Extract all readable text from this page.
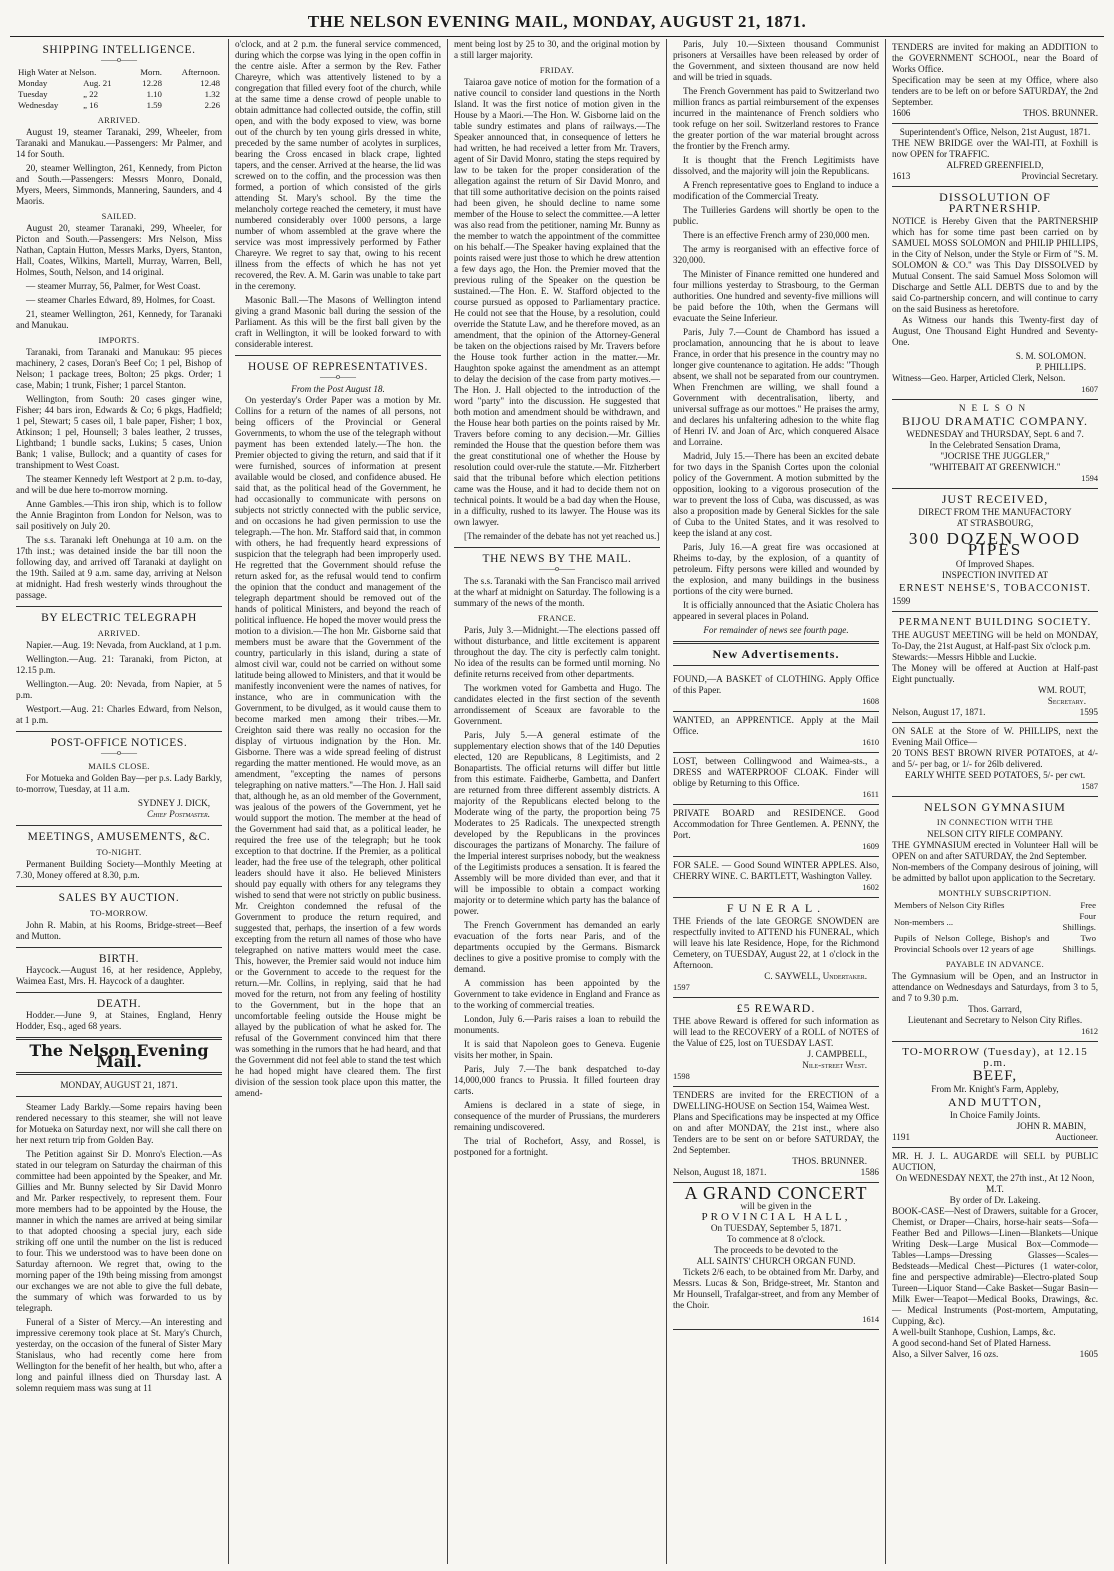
THE NELSON EVENING MAIL, MONDAY, AUGUST 21, 1871.
SHIPPING INTELLIGENCE.
——o——
High Water at Nelson.		Morn.	Afternoon.
Monday	Aug. 21	12.28	12.48
Tuesday	„ 22	1.10	1.32
Wednesday	„ 16	1.59	2.26
ARRIVED.

August 19, steamer Taranaki, 299, Wheeler, from Taranaki and Manukau.—Passengers: Mr Palmer, and 14 for South.

20, steamer Wellington, 261, Kennedy, from Picton and South.—Passengers: Messrs Monro, Donald, Myers, Meers, Simmonds, Mannering, Saunders, and 4 Maoris.

SAILED.

August 20, steamer Taranaki, 299, Wheeler, for Picton and South.—Passengers: Mrs Nelson, Miss Nathan, Captain Hutton, Messrs Marks, Dyers, Stanton, Hall, Coates, Wilkins, Martell, Murray, Warren, Bell, Holmes, South, Nelson, and 14 original.

— steamer Murray, 56, Palmer, for West Coast.

— steamer Charles Edward, 89, Holmes, for Coast.

21, steamer Wellington, 261, Kennedy, for Taranaki and Manukau.

IMPORTS.

Taranaki, from Taranaki and Manukau: 95 pieces machinery, 2 cases, Doran's Beef Co; 1 pel, Bishop of Nelson; 1 package trees, Bolton; 25 pkgs. Order; 1 case, Mabin; 1 trunk, Fisher; 1 parcel Stanton.

Wellington, from South: 20 cases ginger wine, Fisher; 44 bars iron, Edwards & Co; 6 pkgs, Hadfield; 1 pel, Stewart; 5 cases oil, 1 bale paper, Fisher; 1 box, Atkinson; 1 pel, Hounsell; 3 bales leather, 2 trusses, Lightband; 1 bundle sacks, Lukins; 5 cases, Union Bank; 1 valise, Bullock; and a quantity of cases for transhipment to West Coast.

The steamer Kennedy left Westport at 2 p.m. to-day, and will be due here to-morrow morning.

Anne Gambles.—This iron ship, which is to follow the Annie Braginton from London for Nelson, was to sail positively on July 20.

The s.s. Taranaki left Onehunga at 10 a.m. on the 17th inst.; was detained inside the bar till noon the following day, and arrived off Taranaki at daylight on the 19th. Sailed at 9 a.m. same day, arriving at Nelson at midnight. Had fresh westerly winds throughout the passage.

BY ELECTRIC TELEGRAPH
ARRIVED.

Napier.—Aug. 19: Nevada, from Auckland, at 1 p.m.

Wellington.—Aug. 21: Taranaki, from Picton, at 12.15 p.m.

Wellington.—Aug. 20: Nevada, from Napier, at 5 p.m.

Westport.—Aug. 21: Charles Edward, from Nelson, at 1 p.m.

POST-OFFICE NOTICES.
——o——
MAILS CLOSE.

For Motueka and Golden Bay—per p.s. Lady Barkly, to-morrow, Tuesday, at 11 a.m.

SYDNEY J. DICK,
Chief Postmaster.
MEETINGS, AMUSEMENTS, &C.
TO-NIGHT.

Permanent Building Society—Monthly Meeting at 7.30, Money offered at 8.30, p.m.

SALES BY AUCTION.
TO-MORROW.

John R. Mabin, at his Rooms, Bridge-street—Beef and Mutton.

BIRTH.

Haycock.—August 16, at her residence, Appleby, Waimea East, Mrs. H. Haycock of a daughter.

DEATH.

Hodder.—June 9, at Staines, England, Henry Hodder, Esq., aged 68 years.

The Nelson Evening Mail.
MONDAY, AUGUST 21, 1871.

Steamer Lady Barkly.—Some repairs having been rendered necessary to this steamer, she will not leave for Motueka on Saturday next, nor will she call there on her next return trip from Golden Bay.

The Petition against Sir D. Monro's Election.—As stated in our telegram on Saturday the chairman of this committee had been appointed by the Speaker, and Mr. Gillies and Mr. Bunny selected by Sir David Monro and Mr. Parker respectively, to represent them. Four more members had to be appointed by the House, the manner in which the names are arrived at being similar to that adopted choosing a special jury, each side striking off one until the number on the list is reduced to four. This we understood was to have been done on Saturday afternoon. We regret that, owing to the morning paper of the 19th being missing from amongst our exchanges we are not able to give the full debate, the summary of which was forwarded to us by telegraph.

Funeral of a Sister of Mercy.—An interesting and impressive ceremony took place at St. Mary's Church, yesterday, on the occasion of the funeral of Sister Mary Stanislaus, who had recently come here from Wellington for the benefit of her health, but who, after a long and painful illness died on Thursday last. A solemn requiem mass was sung at 11

o'clock, and at 2 p.m. the funeral service commenced, during which the corpse was lying in the open coffin in the centre aisle. After a sermon by the Rev. Father Chareyre, which was attentively listened to by a congregation that filled every foot of the church, while at the same time a dense crowd of people unable to obtain admittance had collected outside, the coffin, still open, and with the body exposed to view, was borne out of the church by ten young girls dressed in white, preceded by the same number of acolytes in surplices, bearing the Cross encased in black crape, lighted tapers, and the censer. Arrived at the hearse, the lid was screwed on to the coffin, and the procession was then formed, a portion of which consisted of the girls attending St. Mary's school. By the time the melancholy cortege reached the cemetery, it must have numbered considerably over 1000 persons, a large number of whom assembled at the grave where the service was most impressively performed by Father Chareyre. We regret to say that, owing to his recent illness from the effects of which he has not yet recovered, the Rev. A. M. Garin was unable to take part in the ceremony.

Masonic Ball.—The Masons of Wellington intend giving a grand Masonic ball during the session of the Parliament. As this will be the first ball given by the craft in Wellington, it will be looked forward to with considerable interest.

HOUSE OF REPRESENTATIVES.
——o——
From the Post August 18.

On yesterday's Order Paper was a motion by Mr. Collins for a return of the names of all persons, not being officers of the Provincial or General Governments, to whom the use of the telegraph without payment has been extended lately.—The hon. the Premier objected to giving the return, and said that if it were furnished, sources of information at present available would be closed, and confidence abused. He said that, as the political head of the Government, he had occasionally to communicate with persons on subjects not strictly connected with the public service, and on occasions he had given permission to use the telegraph.—The hon. Mr. Stafford said that, in common with others, he had frequently heard expressions of suspicion that the telegraph had been improperly used. He regretted that the Government should refuse the return asked for, as the refusal would tend to confirm the opinion that the conduct and management of the telegraph department should be removed out of the hands of political Ministers, and beyond the reach of political influence. He hoped the mover would press the motion to a division.—The hon Mr. Gisborne said that members must be aware that the Government of the country, particularly in this island, during a state of almost civil war, could not be carried on without some latitude being allowed to Ministers, and that it would be manifestly inconvenient were the names of natives, for instance, who are in communication with the Government, to be divulged, as it would cause them to become marked men among their tribes.—Mr. Creighton said there was really no occasion for the display of virtuous indignation by the Hon. Mr. Gisborne. There was a wide spread feeling of distrust regarding the matter mentioned. He would move, as an amendment, "excepting the names of persons telegraphing on native matters."—The Hon. J. Hall said that, although he, as an old member of the Government, was jealous of the powers of the Government, yet he would support the motion. The member at the head of the Government had said that, as a political leader, he required the free use of the telegraph; but he took exception to that doctrine. If the Premier, as a political leader, had the free use of the telegraph, other political leaders should have it also. He believed Ministers should pay equally with others for any telegrams they wished to send that were not strictly on public business. Mr. Creighton condemned the refusal of the Government to produce the return required, and suggested that, perhaps, the insertion of a few words excepting from the return all names of those who have telegraphed on native matters would meet the case. This, however, the Premier said would not induce him or the Government to accede to the request for the return.—Mr. Collins, in replying, said that he had moved for the return, not from any feeling of hostility to the Government, but in the hope that an uncomfortable feeling outside the House might be allayed by the publication of what he asked for. The refusal of the Government convinced him that there was something in the rumors that he had heard, and that the Government did not feel able to stand the test which he had hoped might have cleared them. The first division of the session took place upon this matter, the amend-

ment being lost by 25 to 30, and the original motion by a still larger majority.

FRIDAY.

Taiaroa gave notice of motion for the formation of a native council to consider land questions in the North Island. It was the first notice of motion given in the House by a Maori.—The Hon. W. Gisborne laid on the table sundry estimates and plans of railways.—The Speaker announced that, in consequence of letters he had written, he had received a letter from Mr. Travers, agent of Sir David Monro, stating the steps required by law to be taken for the proper consideration of the allegation against the return of Sir David Monro, and that till some authoritative decision on the points raised had been given, he should decline to name some member of the House to select the committee.—A letter was also read from the petitioner, naming Mr. Bunny as the member to watch the appointment of the committee on his behalf.—The Speaker having explained that the points raised were just those to which he drew attention a few days ago, the Hon. the Premier moved that the previous ruling of the Speaker on the question be sustained.—The Hon. E. W. Stafford objected to the course pursued as opposed to Parliamentary practice. He could not see that the House, by a resolution, could override the Statute Law, and he therefore moved, as an amendment, that the opinion of the Attorney-General be taken on the objections raised by Mr. Travers before the House took further action in the matter.—Mr. Haughton spoke against the amendment as an attempt to delay the decision of the case from party motives.—The Hon. J. Hall objected to the introduction of the word "party" into the discussion. He suggested that both motion and amendment should be withdrawn, and the House hear both parties on the points raised by Mr. Travers before coming to any decision.—Mr. Gillies reminded the House that the question before them was the great constitutional one of whether the House by resolution could over-rule the statute.—Mr. Fitzherbert said that the tribunal before which election petitions came was the House, and it had to decide them not on technical points. It would be a bad day when the House, in a difficulty, rushed to its lawyer. The House was its own lawyer.

[The remainder of the debate has not yet reached us.]

THE NEWS BY THE MAIL.
——o——

The s.s. Taranaki with the San Francisco mail arrived at the wharf at midnight on Saturday. The following is a summary of the news of the month.

FRANCE.

Paris, July 3.—Midnight.—The elections passed off without disturbance, and little excitement is apparent throughout the day. The city is perfectly calm tonight. No idea of the results can be formed until morning. No definite returns received from other departments.

The workmen voted for Gambetta and Hugo. The candidates elected in the first section of the seventh arrondissement of Sceaux are favorable to the Government.

Paris, July 5.—A general estimate of the supplementary election shows that of the 140 Deputies elected, 120 are Republicans, 8 Legitimists, and 2 Bonapartists. The official returns will differ but little from this estimate. Faidherbe, Gambetta, and Danfert are returned from three different assembly districts. A majority of the Republicans elected belong to the Moderate wing of the party, the proportion being 75 Moderates to 25 Radicals. The unexpected strength developed by the Republicans in the provinces discourages the partizans of Monarchy. The failure of the Imperial interest surprises nobody, but the weakness of the Legitimists produces a sensation. It is feared the Assembly will be more divided than ever, and that it will be impossible to obtain a compact working majority or to determine which party has the balance of power.

The French Government has demanded an early evacuation of the forts near Paris, and of the departments occupied by the Germans. Bismarck declines to give a positive promise to comply with the demand.

A commission has been appointed by the Government to take evidence in England and France as to the working of commercial treaties.

London, July 6.—Paris raises a loan to rebuild the monuments.

It is said that Napoleon goes to Geneva. Eugenie visits her mother, in Spain.

Paris, July 7.—The bank despatched to-day 14,000,000 francs to Prussia. It filled fourteen dray carts.

Amiens is declared in a state of siege, in consequence of the murder of Prussians, the murderers remaining undiscovered.

The trial of Rochefort, Assy, and Rossel, is postponed for a fortnight.

Paris, July 10.—Sixteen thousand Communist prisoners at Versailles have been released by order of the Government, and sixteen thousand are now held and will be tried in squads.

The French Government has paid to Switzerland two million francs as partial reimbursement of the expenses incurred in the maintenance of French soldiers who took refuge on her soil. Switzerland restores to France the greater portion of the war material brought across the frontier by the French army.

It is thought that the French Legitimists have dissolved, and the majority will join the Republicans.

A French representative goes to England to induce a modification of the Commercial Treaty.

The Tuilleries Gardens will shortly be open to the public.

There is an effective French army of 230,000 men.

The army is reorganised with an effective force of 320,000.

The Minister of Finance remitted one hundered and four millions yesterday to Strasbourg, to the German authorities. One hundred and seventy-five millions will be paid before the 10th, when the Germans will evacuate the Seine Inferieur.

Paris, July 7.—Count de Chambord has issued a proclamation, announcing that he is about to leave France, in order that his presence in the country may no longer give countenance to agitation. He adds: "Though absent, we shall not be separated from our countrymen. When Frenchmen are willing, we shall found a Government with decentralisation, liberty, and universal suffrage as our mottoes." He praises the army, and declares his unfaltering adhesion to the white flag of Henri IV. and Joan of Arc, which conquered Alsace and Lorraine.

Madrid, July 15.—There has been an excited debate for two days in the Spanish Cortes upon the colonial policy of the Government. A motion submitted by the opposition, looking to a vigorous prosecution of the war to prevent the loss of Cuba, was discussed, as was also a proposition made by General Sickles for the sale of Cuba to the United States, and it was resolved to keep the island at any cost.

Paris, July 16.—A great fire was occasioned at Rheims to-day, by the explosion, of a quantity of petroleum. Fifty persons were killed and wounded by the explosion, and many buildings in the business portions of the city were burned.

It is officially announced that the Asiatic Cholera has appeared in several places in Poland.

For remainder of news see fourth page.
New Advertisements.
FOUND,—A BASKET of CLOTHING. Apply Office of this Paper.
1608
WANTED, an APPRENTICE. Apply at the Mail Office.
1610
LOST, between Collingwood and Waimea-sts., a DRESS and WATERPROOF CLOAK. Finder will oblige by Returning to this Office.
1611
PRIVATE BOARD and RESIDENCE. Good Accommodation for Three Gentlemen. A. PENNY, the Port.
1609
FOR SALE. — Good Sound WINTER APPLES. Also, CHERRY WINE. C. BARTLETT, Washington Valley.
1602
FUNERAL.
THE Friends of the late GEORGE SNOWDEN are respectfully invited to ATTEND his FUNERAL, which will leave his late Residence, Hope, for the Richmond Cemetery, on TUESDAY, August 22, at 1 o'clock in the Afternoon.
C. SAYWELL, Undertaker.
1597
£5 REWARD.
THE above Reward is offered for such information as will lead to the RECOVERY of a ROLL of NOTES of the Value of £25, lost on TUESDAY LAST.
J. CAMPBELL,
Nile-street West.
1598
TENDERS are invited for the ERECTION of a DWELLING-HOUSE on Section 154, Waimea West.
Plans and Specifications may be inspected at my Office on and after MONDAY, the 21st inst., where also Tenders are to be sent on or before SATURDAY, the 2nd September.
THOS. BRUNNER.
Nelson, August 18, 1871.	1586
A GRAND CONCERT
will be given in the
PROVINCIAL HALL,
On TUESDAY, September 5, 1871.
To commence at 8 o'clock.
The proceeds to be devoted to the
ALL SAINTS' CHURCH ORGAN FUND.

Tickets 2/6 each, to be obtained from Mr. Darby, and Messrs. Lucas & Son, Bridge-street, Mr. Stanton and Mr Hounsell, Trafalgar-street, and from any Member of the Choir.

1614
TENDERS are invited for making an ADDITION to the GOVERNMENT SCHOOL, near the Board of Works Office.
Specification may be seen at my Office, where also tenders are to be left on or before SATURDAY, the 2nd September.
1606	THOS. BRUNNER.
Superintendent's Office, Nelson, 21st August, 1871.
THE NEW BRIDGE over the WAI-ITI, at Foxhill is now OPEN for TRAFFIC.
ALFRED GREENFIELD,
1613	Provincial Secretary.
DISSOLUTION OF PARTNERSHIP.
NOTICE is Hereby Given that the PARTNERSHIP which has for some time past been carried on by SAMUEL MOSS SOLOMON and PHILIP PHILLIPS, in the City of Nelson, under the Style or Firm of "S. M. SOLOMON & CO." was This Day DISSOLVED by Mutual Consent. The said Samuel Moss Solomon will Discharge and Settle ALL DEBTS due to and by the said Co-partnership concern, and will continue to carry on the said Business as heretofore.

As Witness our hands this Twenty-first day of August, One Thousand Eight Hundred and Seventy-One.

S. M. SOLOMON.
P. PHILLIPS.
Witness—Geo. Harper, Articled Clerk, Nelson.
1607
NELSON
BIJOU DRAMATIC COMPANY.
WEDNESDAY and THURSDAY, Sept. 6 and 7.
In the Celebrated Sensation Drama,
"JOCRISE THE JUGGLER,"
"WHITEBAIT AT GREENWICH."
1594
JUST RECEIVED,
DIRECT FROM THE MANUFACTORY
AT STRASBOURG,
300 DOZEN WOOD PIPES
Of Improved Shapes.
INSPECTION INVITED AT
ERNEST NEHSE'S, TOBACCONIST.
1599
PERMANENT BUILDING SOCIETY.
THE AUGUST MEETING will be held on MONDAY, To-Day, the 21st August, at Half-past Six o'clock p.m.
Stewards:—Messrs Hibble and Luckie.
The Money will be offered at Auction at Half-past Eight punctually.
WM. ROUT,
Secretary.
Nelson, August 17, 1871.	1595
ON SALE at the Store of W. PHILLIPS, next the Evening Mail Office—
20 TONS BEST BROWN RIVER POTATOES, at 4/- and 5/- per bag, or 1/- for 26lb delivered.
EARLY WHITE SEED POTATOES, 5/- per cwt.
1587
NELSON GYMNASIUM
IN CONNECTION WITH THE
NELSON CITY RIFLE COMPANY.
THE GYMNASIUM erected in Volunteer Hall will be OPEN on and after SATURDAY, the 2nd September.
Non-members of the Company desirous of joining, will be admitted by ballot upon application to the Secretary.
MONTHLY SUBSCRIPTION.
Members of Nelson City Rifles	Free
Non-members ...	Four Shillings.
Pupils of Nelson College, Bishop's and Provincial Schools over 12 years of age	Two Shillings.
PAYABLE IN ADVANCE.
The Gymnasium will be Open, and an Instructor in attendance on Wednesdays and Saturdays, from 3 to 5, and 7 to 9.30 p.m.
Thos. Garrard,
Lieutenant and Secretary to Nelson City Rifles.
1612
TO-MORROW (Tuesday), at 12.15 p.m.
BEEF,
From Mr. Knight's Farm, Appleby,
AND MUTTON,
In Choice Family Joints.
JOHN R. MABIN,
1191	Auctioneer.
MR. H. J. L. AUGARDE will SELL by PUBLIC AUCTION,
On WEDNESDAY NEXT, the 27th inst., At 12 Noon, M.T.
By order of Dr. Lakeing.
BOOK-CASE—Nest of Drawers, suitable for a Grocer, Chemist, or Draper—Chairs, horse-hair seats—Sofa—Feather Bed and Pillows—Linen—Blankets—Unique Writing Desk—Large Musical Box—Commode—Tables—Lamps—Dressing Glasses—Scales—Bedsteads—Medical Chest—Pictures (1 water-color, fine and perspective admirable)—Electro-plated Soup Tureen—Liquor Stand—Cake Basket—Sugar Basin—Milk Ewer—Teapot—Medical Books, Drawings, &c. — Medical Instruments (Post-mortem, Amputating, Cupping, &c).
A well-built Stanhope, Cushion, Lamps, &c.
A good second-hand Set of Plated Harness.
Also, a Silver Salver, 16 ozs.	1605
